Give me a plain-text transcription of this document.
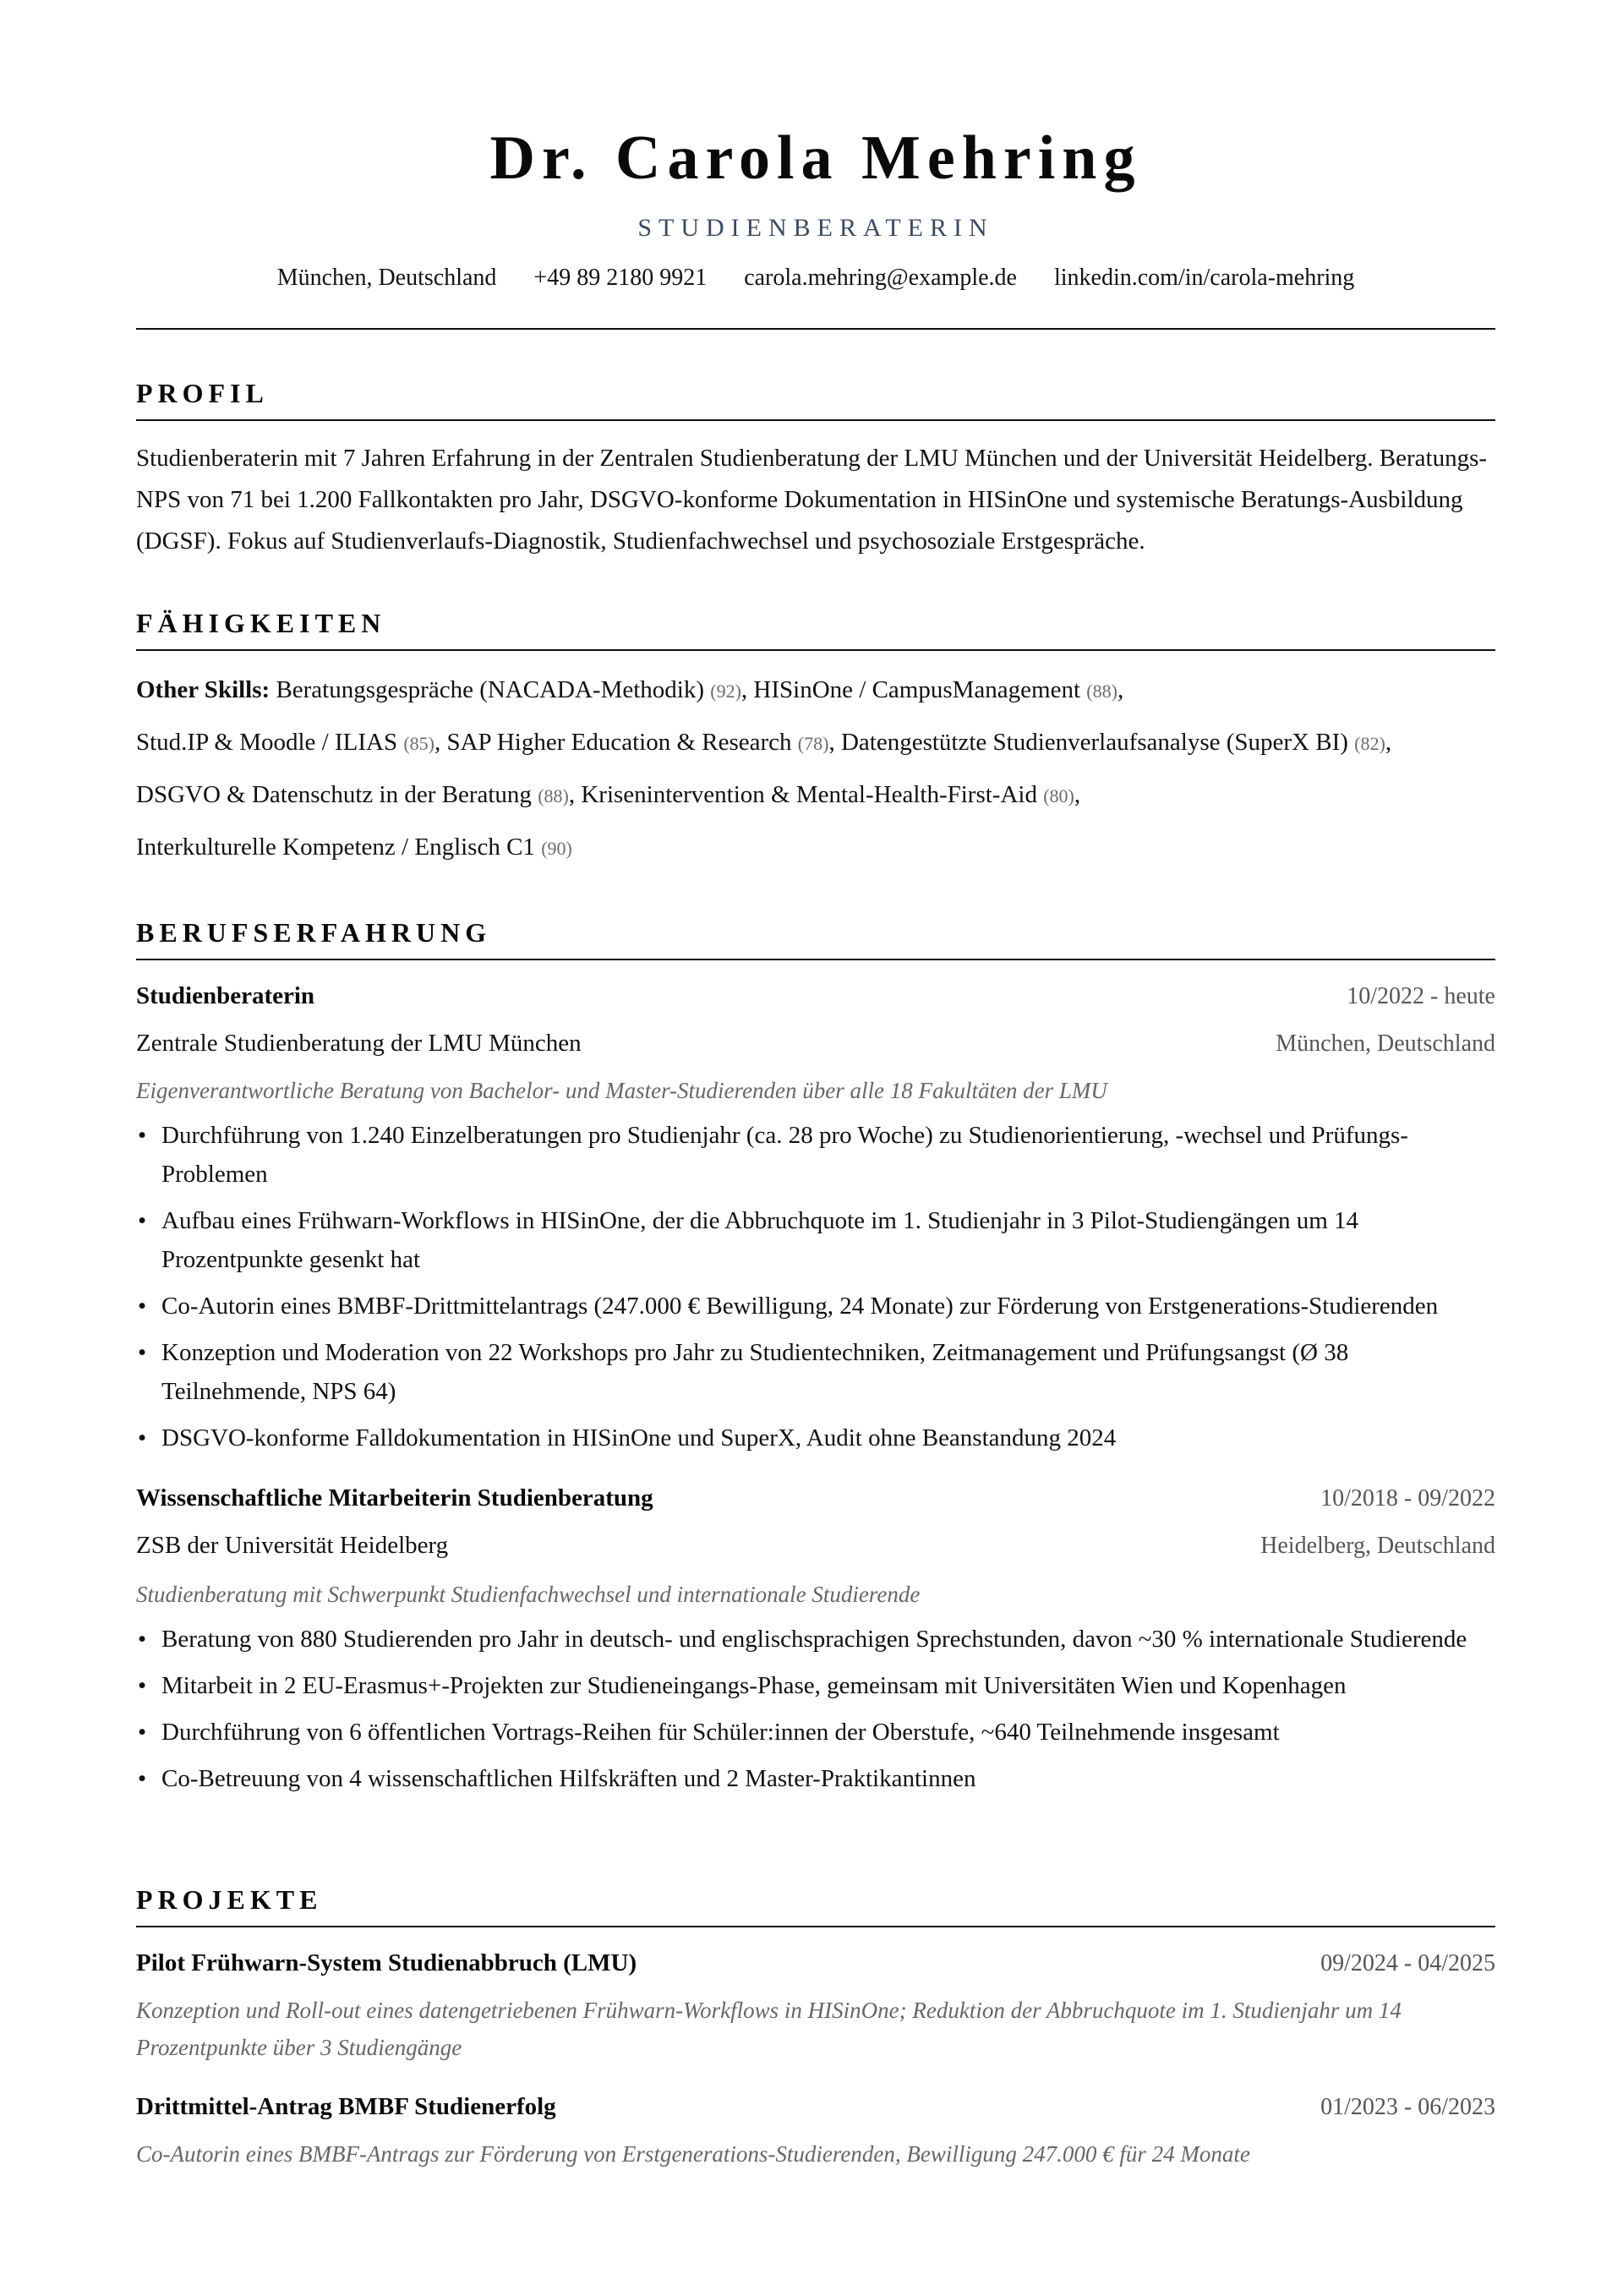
Dr. Carola Mehring
STUDIENBERATERIN
München, Deutschland +49 89 2180 9921 carola.mehring@example.de linkedin.com/in/carola-mehring
PROFIL
Studienberaterin mit 7 Jahren Erfahrung in der Zentralen Studienberatung der LMU München und der Universität Heidelberg. Beratungs-NPS von 71 bei 1.200 Fallkontakten pro Jahr, DSGVO-konforme Dokumentation in HISinOne und systemische Beratungs-Ausbildung (DGSF). Fokus auf Studienverlaufs-Diagnostik, Studienfachwechsel und psychosoziale Erstgespräche.
FÄHIGKEITEN
Other Skills: Beratungsgespräche (NACADA-Methodik) (92), HISinOne / CampusManagement (88),
Stud.IP & Moodle / ILIAS (85), SAP Higher Education & Research (78), Datengestützte Studienverlaufsanalyse (SuperX BI) (82),
DSGVO & Datenschutz in der Beratung (88), Krisenintervention & Mental-Health-First-Aid (80),
Interkulturelle Kompetenz / Englisch C1 (90)
BERUFSERFAHRUNG
Studienberaterin	10/2022 - heute
Zentrale Studienberatung der LMU München	München, Deutschland
Eigenverantwortliche Beratung von Bachelor- und Master-Studierenden über alle 18 Fakultäten der LMU
• Durchführung von 1.240 Einzelberatungen pro Studienjahr (ca. 28 pro Woche) zu Studienorientierung, -wechsel und Prüfungs-Problemen
• Aufbau eines Frühwarn-Workflows in HISinOne, der die Abbruchquote im 1. Studienjahr in 3 Pilot-Studiengängen um 14 Prozentpunkte gesenkt hat
• Co-Autorin eines BMBF-Drittmittelantrags (247.000 € Bewilligung, 24 Monate) zur Förderung von Erstgenerations-Studierenden
• Konzeption und Moderation von 22 Workshops pro Jahr zu Studientechniken, Zeitmanagement und Prüfungsangst (Ø 38 Teilnehmende, NPS 64)
• DSGVO-konforme Falldokumentation in HISinOne und SuperX, Audit ohne Beanstandung 2024
Wissenschaftliche Mitarbeiterin Studienberatung	10/2018 - 09/2022
ZSB der Universität Heidelberg	Heidelberg, Deutschland
Studienberatung mit Schwerpunkt Studienfachwechsel und internationale Studierende
• Beratung von 880 Studierenden pro Jahr in deutsch- und englischsprachigen Sprechstunden, davon ~30 % internationale Studierende
• Mitarbeit in 2 EU-Erasmus+-Projekten zur Studieneingangs-Phase, gemeinsam mit Universitäten Wien und Kopenhagen
• Durchführung von 6 öffentlichen Vortrags-Reihen für Schüler:innen der Oberstufe, ~640 Teilnehmende insgesamt
• Co-Betreuung von 4 wissenschaftlichen Hilfskräften und 2 Master-Praktikantinnen
PROJEKTE
Pilot Frühwarn-System Studienabbruch (LMU)	09/2024 - 04/2025
Konzeption und Roll-out eines datengetriebenen Frühwarn-Workflows in HISinOne; Reduktion der Abbruchquote im 1. Studienjahr um 14 Prozentpunkte über 3 Studiengänge
Drittmittel-Antrag BMBF Studienerfolg	01/2023 - 06/2023
Co-Autorin eines BMBF-Antrags zur Förderung von Erstgenerations-Studierenden, Bewilligung 247.000 € für 24 Monate
